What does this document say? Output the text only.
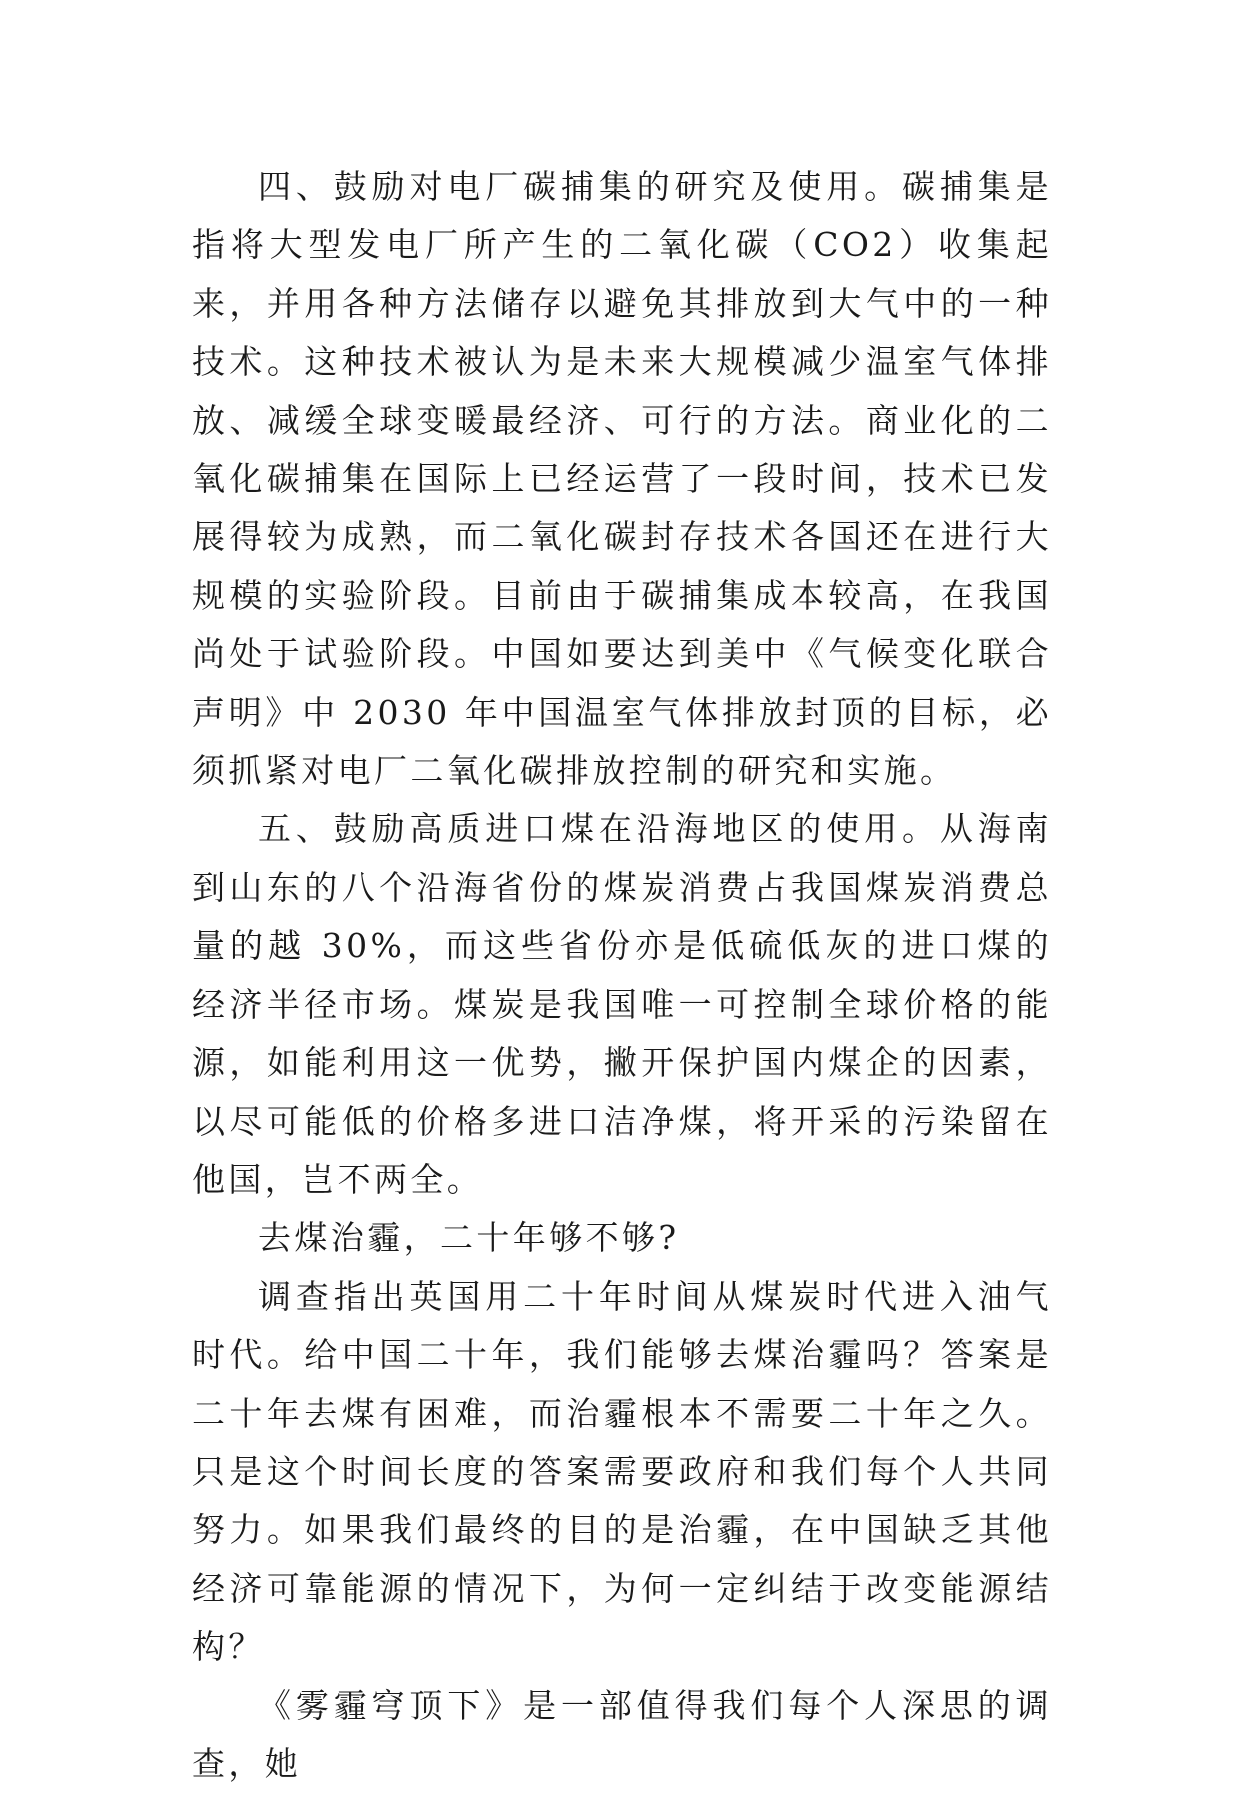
四、鼓励对电厂碳捕集的研究及使用。碳捕集是指将大型发电厂所产生的二氧化碳（CO2）收集起来，并用各种方法储存以避免其排放到大气中的一种技术。这种技术被认为是未来大规模减少温室气体排放、减缓全球变暖最经济、可行的方法。商业化的二氧化碳捕集在国际上已经运营了一段时间，技术已发展得较为成熟，而二氧化碳封存技术各国还在进行大规模的实验阶段。目前由于碳捕集成本较高，在我国尚处于试验阶段。中国如要达到美中《气候变化联合声明》中 2030 年中国温室气体排放封顶的目标，必须抓紧对电厂二氧化碳排放控制的研究和实施。

五、鼓励高质进口煤在沿海地区的使用。从海南到山东的八个沿海省份的煤炭消费占我国煤炭消费总量的越 30%，而这些省份亦是低硫低灰的进口煤的经济半径市场。煤炭是我国唯一可控制全球价格的能源，如能利用这一优势，撇开保护国内煤企的因素，以尽可能低的价格多进口洁净煤，将开采的污染留在他国，岂不两全。

去煤治霾，二十年够不够?

调查指出英国用二十年时间从煤炭时代进入油气时代。给中国二十年，我们能够去煤治霾吗？答案是二十年去煤有困难，而治霾根本不需要二十年之久。只是这个时间长度的答案需要政府和我们每个人共同努力。如果我们最终的目的是治霾，在中国缺乏其他经济可靠能源的情况下，为何一定纠结于改变能源结构？

《雾霾穹顶下》是一部值得我们每个人深思的调查，她
